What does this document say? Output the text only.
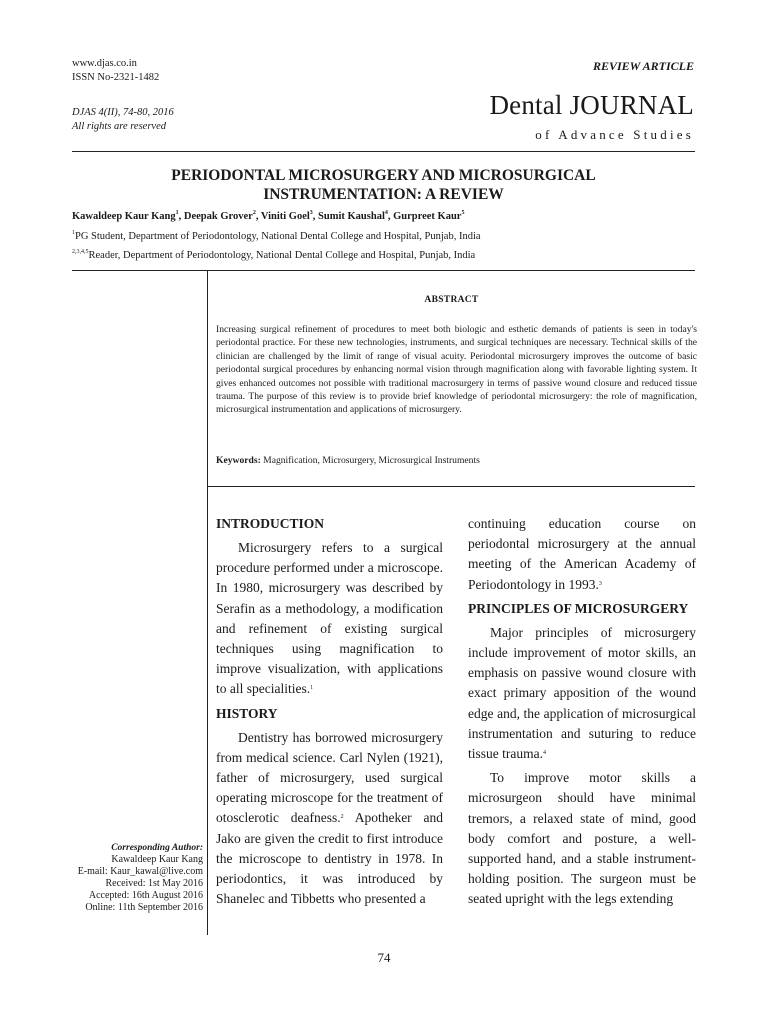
www.djas.co.in
ISSN No-2321-1482
DJAS 4(II), 74-80, 2016
All rights are reserved
REVIEW ARTICLE
Dental JOURNAL
of Advance Studies
PERIODONTAL MICROSURGERY AND MICROSURGICAL
INSTRUMENTATION: A REVIEW
Kawaldeep Kaur Kang$^1$, Deepak Grover$^2$, Viniti Goel$^3$, Sumit Kaushal$^4$, Gurpreet Kaur$^5$
$^1$PG Student, Department of Periodontology, National Dental College and Hospital, Punjab, India
$^{2,3,4,5}$Reader, Department of Periodontology, National Dental College and Hospital, Punjab, India
ABSTRACT
Increasing surgical refinement of procedures to meet both biologic and esthetic demands of patients is seen in today's periodontal practice. For these new technologies, instruments, and surgical techniques are necessary. Technical skills of the clinician are challenged by the limit of range of visual acuity. Periodontal microsurgery improves the outcome of basic periodontal surgical procedures by enhancing normal vision through magnification along with favorable lighting system. It gives enhanced outcomes not possible with traditional macrosurgery in terms of passive wound closure and reduced tissue trauma. The purpose of this review is to provide brief knowledge of periodontal microsurgery: the role of magnification, microsurgical instrumentation and applications of microsurgery.
Keywords: Magnification, Microsurgery, Microsurgical Instruments
INTRODUCTION

Microsurgery refers to a surgical procedure performed under a microscope. In 1980, microsurgery was described by Serafin as a methodology, a modification and refinement of existing surgical techniques using magnification to improve visualization, with applications to all specialities.$^1$

HISTORY

Dentistry has borrowed microsurgery from medical science. Carl Nylen (1921), father of microsurgery, used surgical operating microscope for the treatment of otosclerotic deafness.$^2$ Apotheker and Jako are given the credit to first introduce the microscope to dentistry in 1978. In periodontics, it was introduced by Shanelec and Tibbetts who presented a

continuing education course on periodontal microsurgery at the annual meeting of the American Academy of Periodontology in 1993.$^3$

PRINCIPLES OF MICROSURGERY

Major principles of microsurgery include improvement of motor skills, an emphasis on passive wound closure with exact primary apposition of the wound edge and, the application of microsurgical instrumentation and suturing to reduce tissue trauma.$^4$

To improve motor skills a microsurgeon should have minimal tremors, a relaxed state of mind, good body comfort and posture, a well-supported hand, and a stable instrument-holding position. The surgeon must be seated upright with the legs extending

Corresponding Author:
Kawaldeep Kaur Kang
E-mail: Kaur_kawal@live.com
Received: 1st May 2016
Accepted: 16th August 2016
Online: 11th September 2016
74
